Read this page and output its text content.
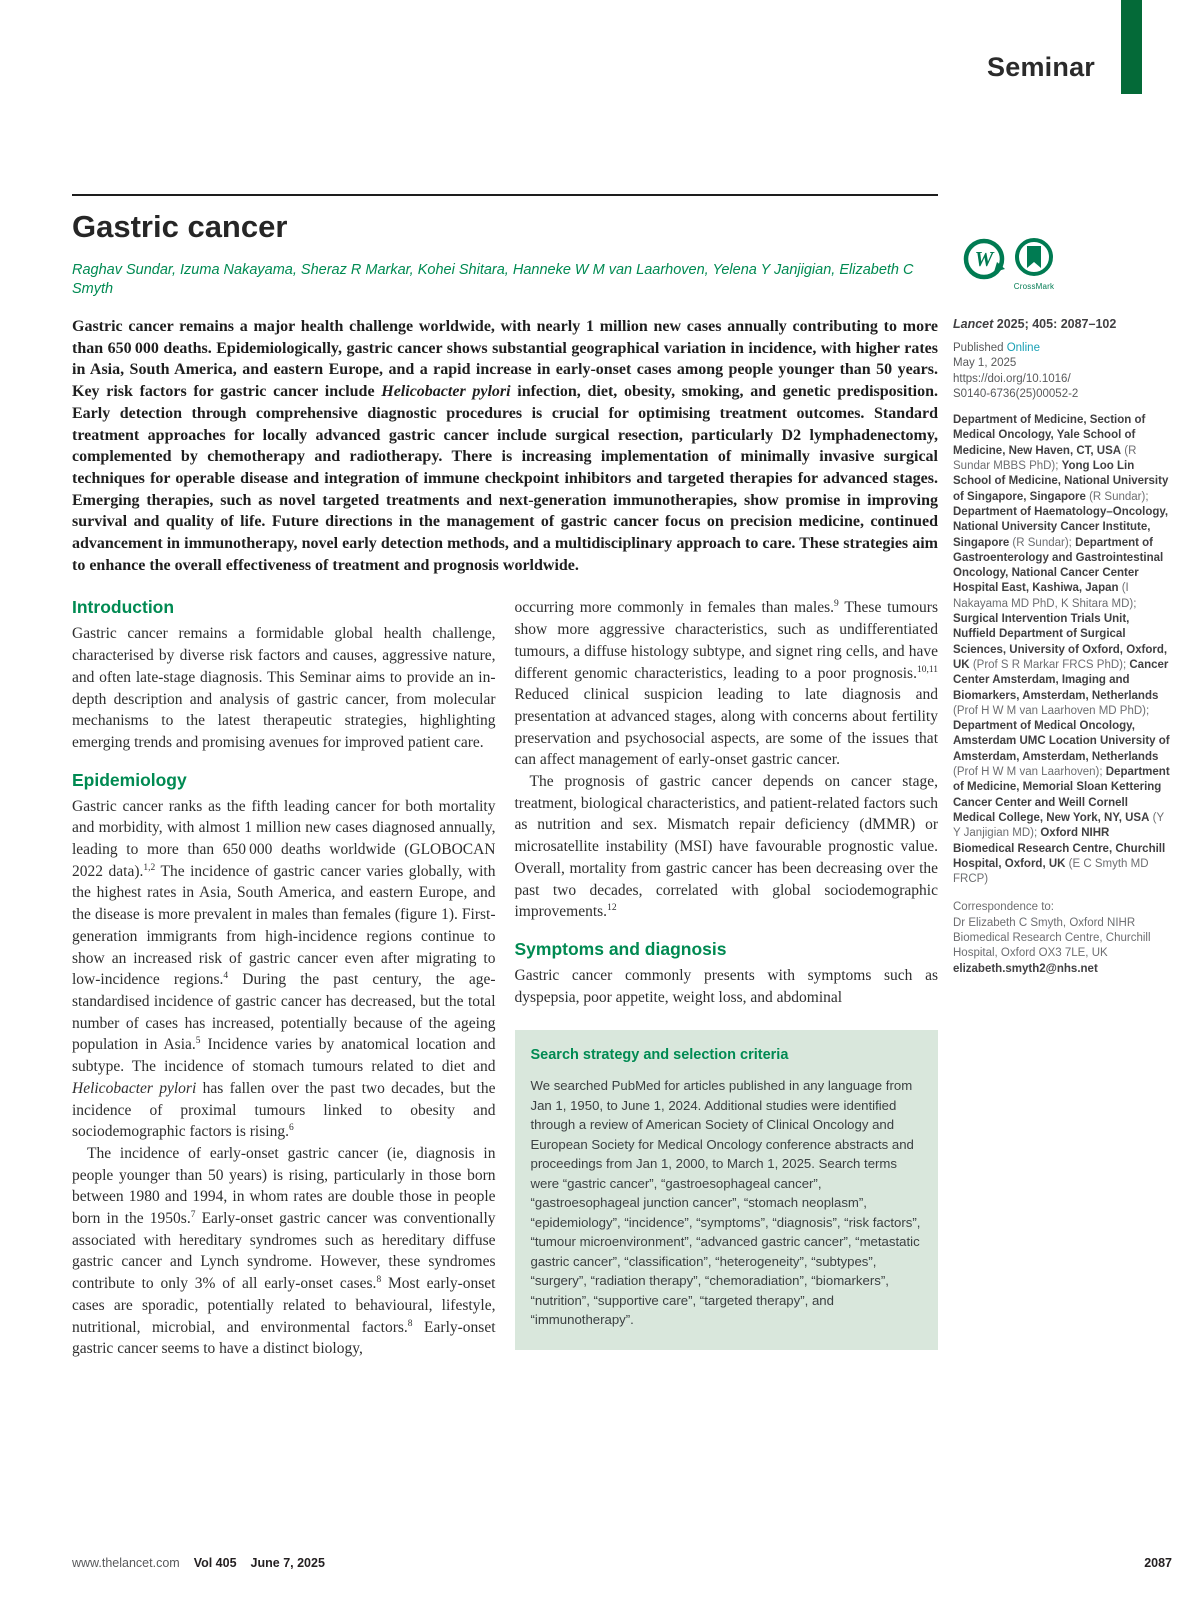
Seminar
Gastric cancer
Raghav Sundar, Izuma Nakayama, Sheraz R Markar, Kohei Shitara, Hanneke W M van Laarhoven, Yelena Y Janjigian, Elizabeth C Smyth
Gastric cancer remains a major health challenge worldwide, with nearly 1 million new cases annually contributing to more than 650 000 deaths. Epidemiologically, gastric cancer shows substantial geographical variation in incidence, with higher rates in Asia, South America, and eastern Europe, and a rapid increase in early-onset cases among people younger than 50 years. Key risk factors for gastric cancer include Helicobacter pylori infection, diet, obesity, smoking, and genetic predisposition. Early detection through comprehensive diagnostic procedures is crucial for optimising treatment outcomes. Standard treatment approaches for locally advanced gastric cancer include surgical resection, particularly D2 lymphadenectomy, complemented by chemotherapy and radiotherapy. There is increasing implementation of minimally invasive surgical techniques for operable disease and integration of immune checkpoint inhibitors and targeted therapies for advanced stages. Emerging therapies, such as novel targeted treatments and next-generation immunotherapies, show promise in improving survival and quality of life. Future directions in the management of gastric cancer focus on precision medicine, continued advancement in immunotherapy, novel early detection methods, and a multidisciplinary approach to care. These strategies aim to enhance the overall effectiveness of treatment and prognosis worldwide.
Introduction

Gastric cancer remains a formidable global health challenge, characterised by diverse risk factors and causes, aggressive nature, and often late-stage diagnosis. This Seminar aims to provide an in-depth description and analysis of gastric cancer, from molecular mechanisms to the latest therapeutic strategies, highlighting emerging trends and promising avenues for improved patient care.

Epidemiology

Gastric cancer ranks as the fifth leading cancer for both mortality and morbidity, with almost 1 million new cases diagnosed annually, leading to more than 650 000 deaths worldwide (GLOBOCAN 2022 data).$^{1,2}$ The incidence of gastric cancer varies globally, with the highest rates in Asia, South America, and eastern Europe, and the disease is more prevalent in males than females (figure 1). First-generation immigrants from high-incidence regions continue to show an increased risk of gastric cancer even after migrating to low-incidence regions.$^4$ During the past century, the age-standardised incidence of gastric cancer has decreased, but the total number of cases has increased, potentially because of the ageing population in Asia.$^5$ Incidence varies by anatomical location and subtype. The incidence of stomach tumours related to diet and Helicobacter pylori has fallen over the past two decades, but the incidence of proximal tumours linked to obesity and sociodemographic factors is rising.$^6$

The incidence of early-onset gastric cancer (ie, diagnosis in people younger than 50 years) is rising, particularly in those born between 1980 and 1994, in whom rates are double those in people born in the 1950s.$^7$ Early-onset gastric cancer was conventionally associated with hereditary syndromes such as hereditary diffuse gastric cancer and Lynch syndrome. However, these syndromes contribute to only 3% of all early-onset cases.$^8$ Most early-onset cases are sporadic, potentially related to behavioural, lifestyle, nutritional, microbial, and environmental factors.$^8$ Early-onset gastric cancer seems to have a distinct biology,

occurring more commonly in females than males.$^9$ These tumours show more aggressive characteristics, such as undifferentiated tumours, a diffuse histology subtype, and signet ring cells, and have different genomic characteristics, leading to a poor prognosis.$^{10,11}$ Reduced clinical suspicion leading to late diagnosis and presentation at advanced stages, along with concerns about fertility preservation and psychosocial aspects, are some of the issues that can affect management of early-onset gastric cancer.

The prognosis of gastric cancer depends on cancer stage, treatment, biological characteristics, and patient-related factors such as nutrition and sex. Mismatch repair deficiency (dMMR) or microsatellite instability (MSI) have favourable prognostic value. Overall, mortality from gastric cancer has been decreasing over the past two decades, correlated with global sociodemographic improvements.$^{12}$

Symptoms and diagnosis

Gastric cancer commonly presents with symptoms such as dyspepsia, poor appetite, weight loss, and abdominal

Search strategy and selection criteria

We searched PubMed for articles published in any language from Jan 1, 1950, to June 1, 2024. Additional studies were identified through a review of American Society of Clinical Oncology and European Society for Medical Oncology conference abstracts and proceedings from Jan 1, 2000, to March 1, 2025. Search terms were “gastric cancer”, “gastroesophageal cancer”, “gastroesophageal junction cancer”, “stomach neoplasm”, “epidemiology”, “incidence”, “symptoms”, “diagnosis”, “risk factors”, “tumour microenvironment”, “advanced gastric cancer”, “metastatic gastric cancer”, “classification”, “heterogeneity”, “subtypes”, “surgery”, “radiation therapy”, “chemoradiation”, “biomarkers”, “nutrition”, “supportive care”, “targeted therapy”, and “immunotherapy”.

W
CrossMark
Lancet 2025; 405: 2087–102
Published Online
May 1, 2025
https://doi.org/10.1016/
S0140-6736(25)00052-2
Department of Medicine, Section of Medical Oncology, Yale School of Medicine, New Haven, CT, USA (R Sundar MBBS PhD); Yong Loo Lin School of Medicine, National University of Singapore, Singapore (R Sundar); Department of Haematology–Oncology, National University Cancer Institute, Singapore (R Sundar); Department of Gastroenterology and Gastrointestinal Oncology, National Cancer Center Hospital East, Kashiwa, Japan (I Nakayama MD PhD, K Shitara MD); Surgical Intervention Trials Unit, Nuffield Department of Surgical Sciences, University of Oxford, Oxford, UK (Prof S R Markar FRCS PhD); Cancer Center Amsterdam, Imaging and Biomarkers, Amsterdam, Netherlands (Prof H W M van Laarhoven MD PhD); Department of Medical Oncology, Amsterdam UMC Location University of Amsterdam, Amsterdam, Netherlands (Prof H W M van Laarhoven); Department of Medicine, Memorial Sloan Kettering Cancer Center and Weill Cornell Medical College, New York, NY, USA (Y Y Janjigian MD); Oxford NIHR Biomedical Research Centre, Churchill Hospital, Oxford, UK (E C Smyth MD FRCP)
Correspondence to:
Dr Elizabeth C Smyth, Oxford NIHR Biomedical Research Centre, Churchill Hospital, Oxford OX3 7LE, UK
elizabeth.smyth2@nhs.net
www.thelancet.com Vol 405 June 7, 2025	2087
